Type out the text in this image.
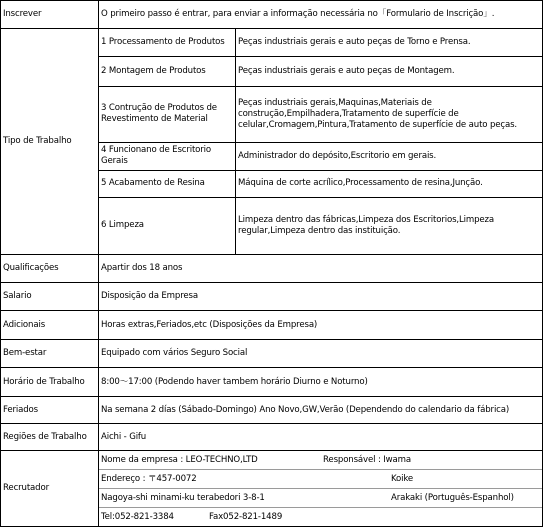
Inscrever	O primeiro passo é entrar, para enviar a informação necessária no「Formulario de Inscrição」.
Tipo de Trabalho	
1 Processamento de Produtos	Peças industriais gerais e auto peças de Torno e Prensa.
2 Montagem de Produtos	Peças industriais gerais e auto peças de Montagem.
3 Contrução de Produtos de Revestimento de Material	Peças industriais gerais,Maquinas,Materiais de construção,Empilhadera,Tratamento de superfície de celular,Cromagem,Pintura,Tratamento de superfície de auto peças.
4 Funcionano de Escritorio Gerais	Administrador do depósito,Escritorio em gerais.
5 Acabamento de Resina	Máquina de corte acrílico,Processamento de resina,Junção.
6 Limpeza	Limpeza dentro das fábricas,Limpeza dos Escritorios,Limpeza regular,Limpeza dentro das instituição.

Qualificações	Apartir dos 18 anos
Salario	Disposição da Empresa
Adicionais	Horas extras,Feriados,etc (Disposições da Empresa)
Bem-estar	Equipado com vários Seguro Social
Horário de Trabalho	8:00～17:00 (Podendo haver tambem horário Diurno e Noturno)
Feriados	Na semana 2 días (Sábado-Domingo) Ano Novo,GW,Verão (Dependendo do calendario da fábrica)
Regiões de Trabalho	Aichi - Gifu
Recrutador	
Nome da empresa : LEO-TECHNO,LTD	Responsável : Iwama
Endereço : 〒457-0072	Koike
Nagoya-shi minami-ku terabedori 3-8-1	Arakaki (Português-Espanhol)
Tel:052-821-3384	Fax052-821-1489
